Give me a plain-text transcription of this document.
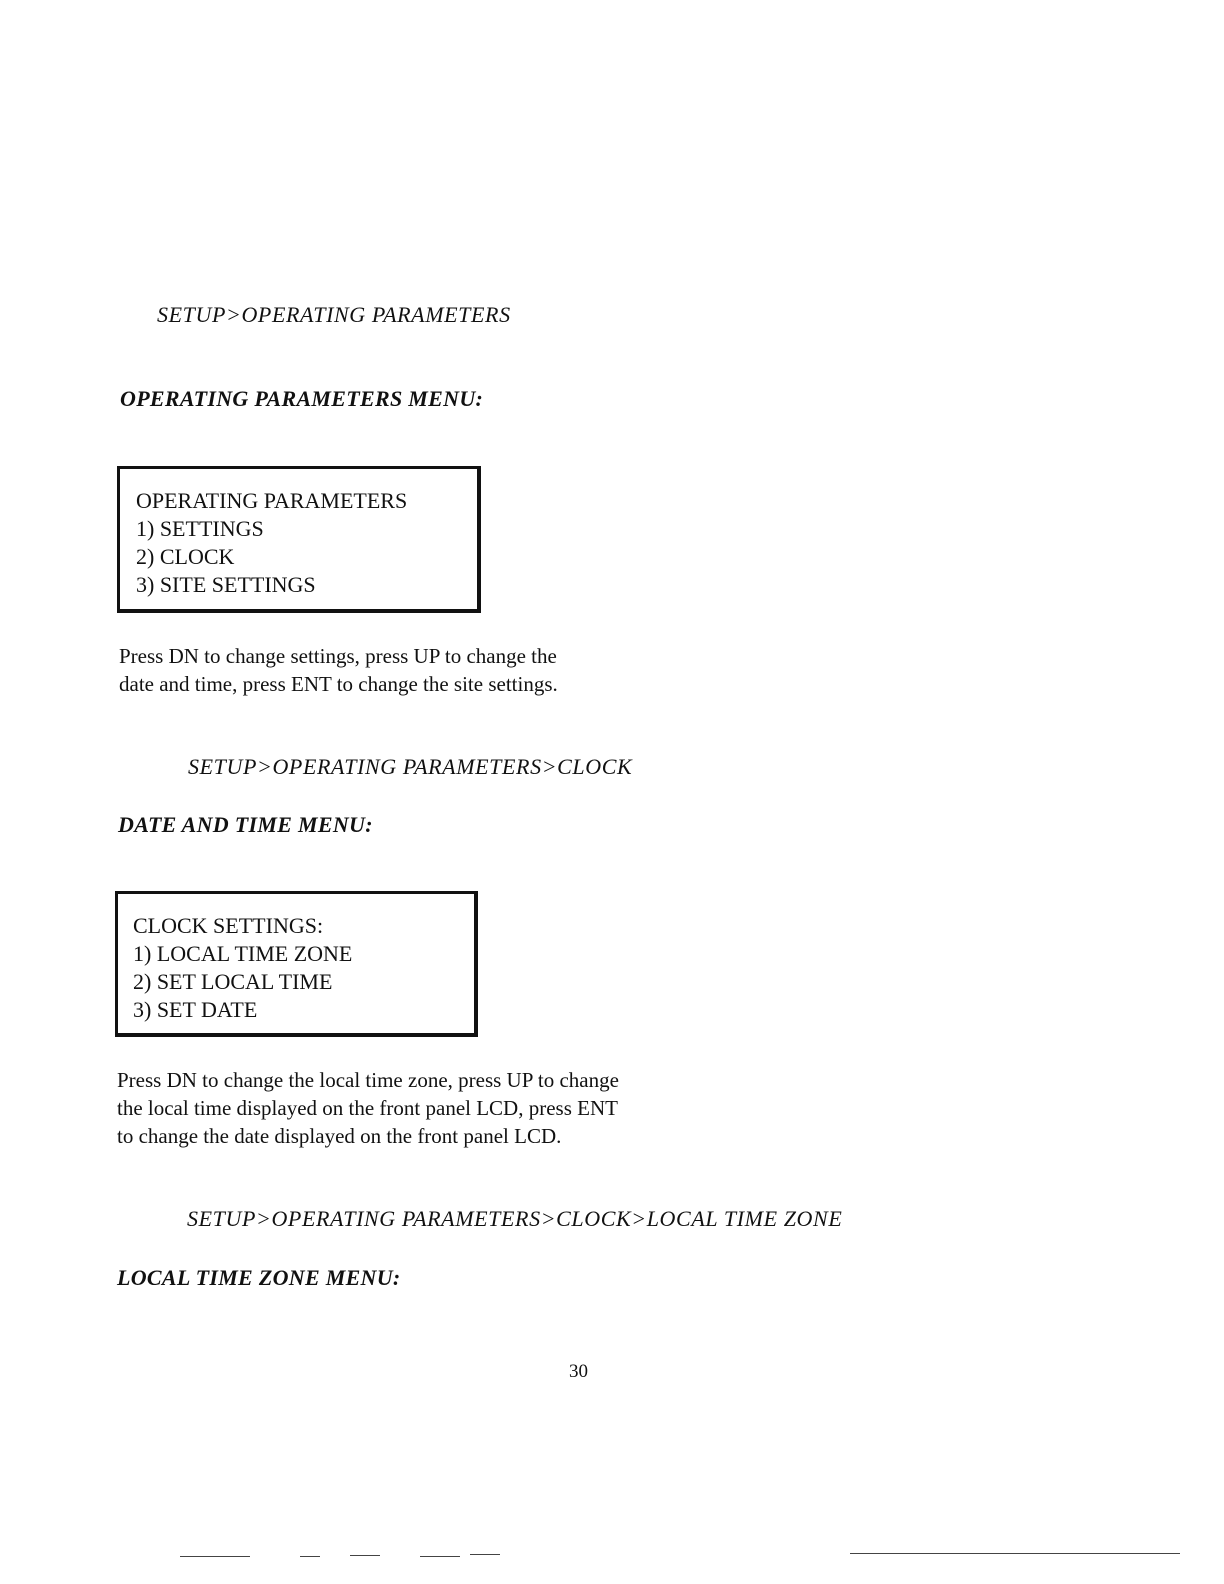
SETUP>OPERATING PARAMETERS
OPERATING PARAMETERS MENU:
OPERATING PARAMETERS
1) SETTINGS
2) CLOCK
3) SITE SETTINGS
Press DN to change settings, press UP to change the
date and time, press ENT to change the site settings.
SETUP>OPERATING PARAMETERS>CLOCK
DATE AND TIME MENU:
CLOCK SETTINGS:
1) LOCAL TIME ZONE
2) SET LOCAL TIME
3) SET DATE
Press DN to change the local time zone, press UP to change
the local time displayed on the front panel LCD, press ENT
to change the date displayed on the front panel LCD.
SETUP>OPERATING PARAMETERS>CLOCK>LOCAL TIME ZONE
LOCAL TIME ZONE MENU:
30
